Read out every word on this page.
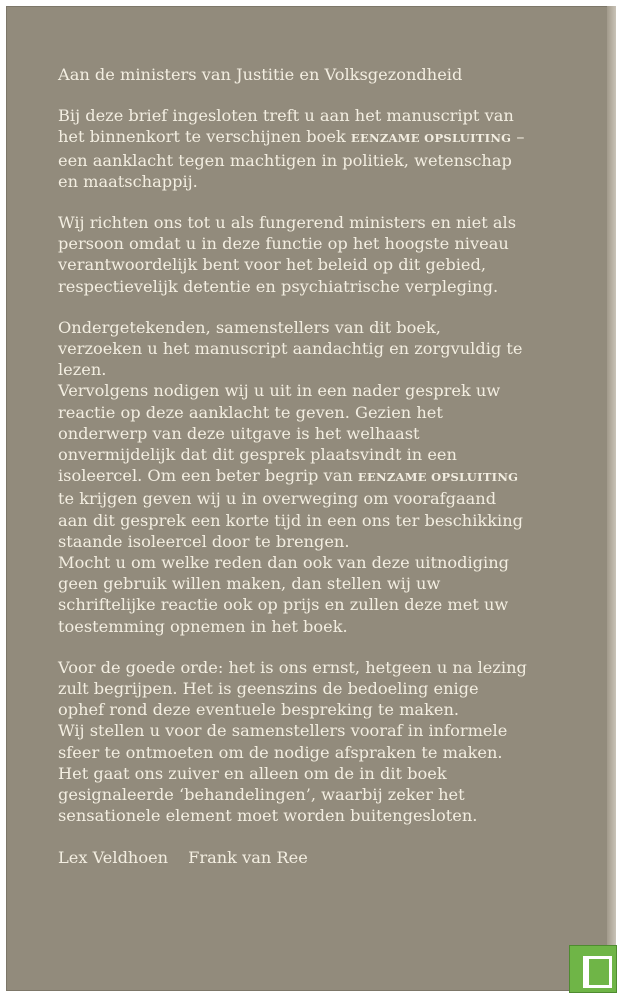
Aan de ministers van Justitie en Volksgezondheid

Bij deze brief ingesloten treft u aan het manuscript van het binnenkort te verschijnen boek EENZAME OPSLUITING – een aanklacht tegen machtigen in politiek, wetenschap en maatschappij.

Wij richten ons tot u als fungerend ministers en niet als persoon omdat u in deze functie op het hoogste niveau verantwoordelijk bent voor het beleid op dit gebied, respectievelijk detentie en psychiatrische verpleging.

Ondergetekenden, samenstellers van dit boek, verzoeken u het manuscript aandachtig en zorgvuldig te lezen.

Vervolgens nodigen wij u uit in een nader gesprek uw reactie op deze aanklacht te geven. Gezien het onderwerp van deze uitgave is het welhaast onvermijdelijk dat dit gesprek plaatsvindt in een isoleercel. Om een beter begrip van EENZAME OPSLUITING te krijgen geven wij u in overweging om voorafgaand aan dit gesprek een korte tijd in een ons ter beschikking staande isoleercel door te brengen.

Mocht u om welke reden dan ook van deze uitnodiging geen gebruik willen maken, dan stellen wij uw schriftelijke reactie ook op prijs en zullen deze met uw toestemming opnemen in het boek.

Voor de goede orde: het is ons ernst, hetgeen u na lezing zult begrijpen. Het is geenszins de bedoeling enige ophef rond deze eventuele bespreking te maken.

Wij stellen u voor de samenstellers vooraf in informele sfeer te ontmoeten om de nodige afspraken te maken. Het gaat ons zuiver en alleen om de in dit boek gesignaleerde ‘behandelingen’, waarbij zeker het sensationele element moet worden buitengesloten.

Lex Veldhoen Frank van Ree
